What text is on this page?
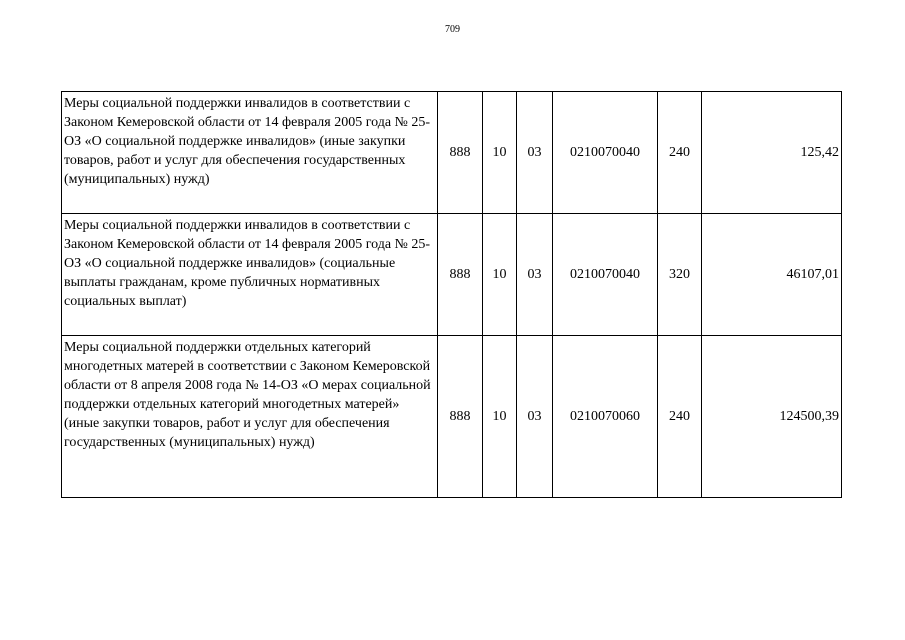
709
Меры социальной поддержки инвалидов в соответствии с Законом Кемеровской области от 14 февраля 2005 года № 25-ОЗ «О социальной поддержке инвалидов» (иные закупки товаров, работ и услуг для обеспечения государственных (муниципальных) нужд)	888	10	03	0210070040	240	125,42
Меры социальной поддержки инвалидов в соответствии с Законом Кемеровской области от 14 февраля 2005 года № 25-ОЗ «О социальной поддержке инвалидов» (социальные выплаты гражданам, кроме публичных нормативных социальных выплат)	888	10	03	0210070040	320	46107,01
Меры социальной поддержки отдельных категорий многодетных матерей в соответствии с Законом Кемеровской области от 8 апреля 2008 года № 14-ОЗ «О мерах социальной поддержки отдельных категорий многодетных матерей» (иные закупки товаров, работ и услуг для обеспечения государственных (муниципальных) нужд)	888	10	03	0210070060	240	124500,39
